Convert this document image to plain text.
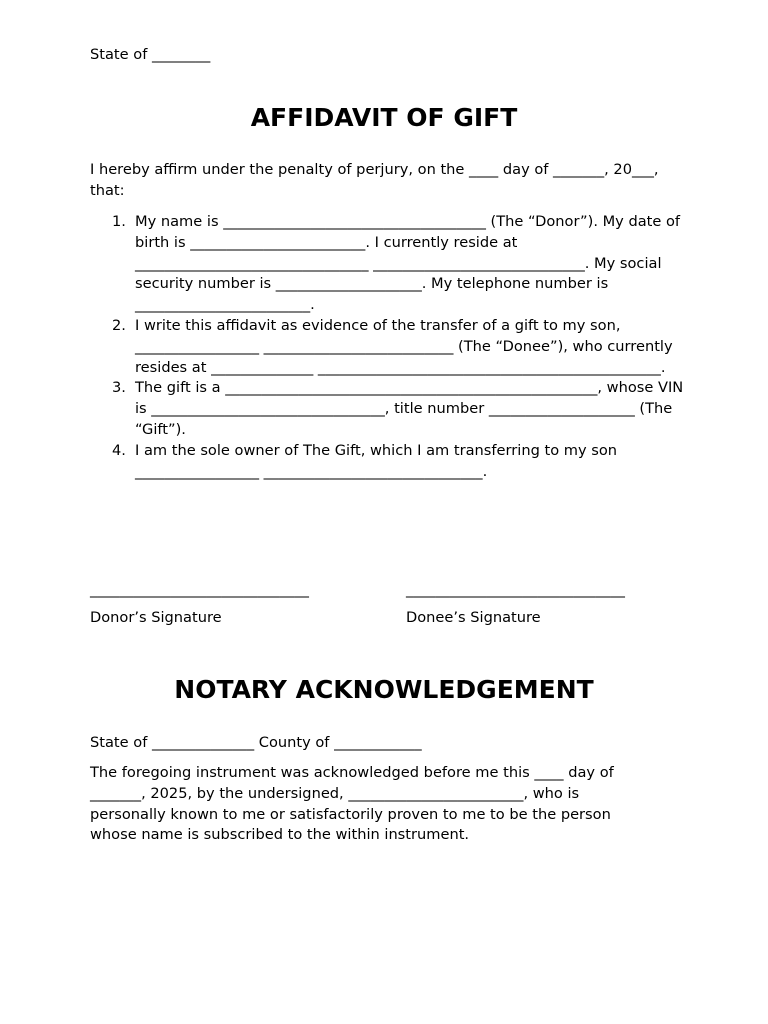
State of ________
AFFIDAVIT OF GIFT
I hereby affirm under the penalty of perjury, on the ____ day of _______, 20___, that:
1. My name is ____________________________________ (The “Donor”). My date of birth is ________________________. I currently reside at ________________________________ _____________________________. My social security number is ____________________. My telephone number is ________________________.
2. I write this affidavit as evidence of the transfer of a gift to my son, _________________ __________________________ (The “Donee”), who currently resides at ______________ _______________________________________________.
3. The gift is a ___________________________________________________, whose VIN is ________________________________, title number ____________________ (The “Gift”).
4. I am the sole owner of The Gift, which I am transferring to my son _________________ ______________________________.
______________________________	______________________________
Donor’s Signature	Donee’s Signature
NOTARY ACKNOWLEDGEMENT
State of ______________ County of ____________
The foregoing instrument was acknowledged before me this ____ day of _______, 2025, by the undersigned, ________________________, who is personally known to me or satisfactorily proven to me to be the person whose name is subscribed to the within instrument.
